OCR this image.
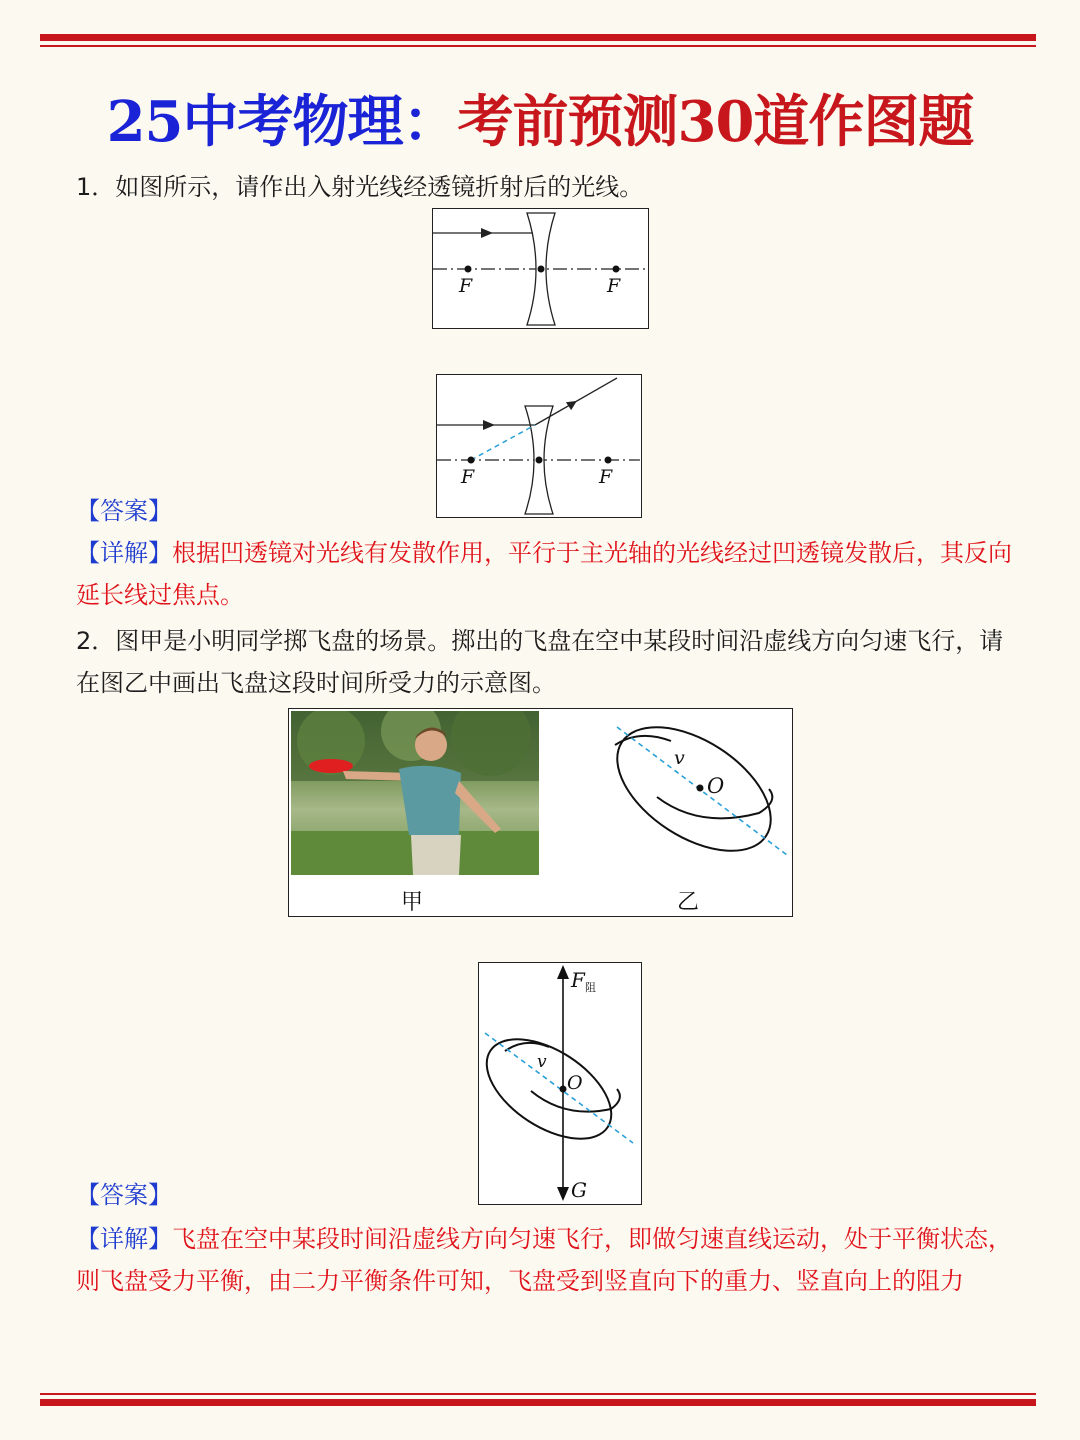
25中考物理：考前预测30道作图题
1．如图所示，请作出入射光线经透镜折射后的光线。
F	F
F	F
【答案】
【详解】根据凹透镜对光线有发散作用，平行于主光轴的光线经过凹透镜发散后，其反向延长线过焦点。
2．图甲是小明同学掷飞盘的场景。掷出的飞盘在空中某段时间沿虚线方向匀速飞行，请在图乙中画出飞盘这段时间所受力的示意图。
v
O
甲	乙
v
O
F 阻
G
【答案】
【详解】飞盘在空中某段时间沿虚线方向匀速飞行，即做匀速直线运动，处于平衡状态，则飞盘受力平衡，由二力平衡条件可知，飞盘受到竖直向下的重力、竖直向上的阻力
